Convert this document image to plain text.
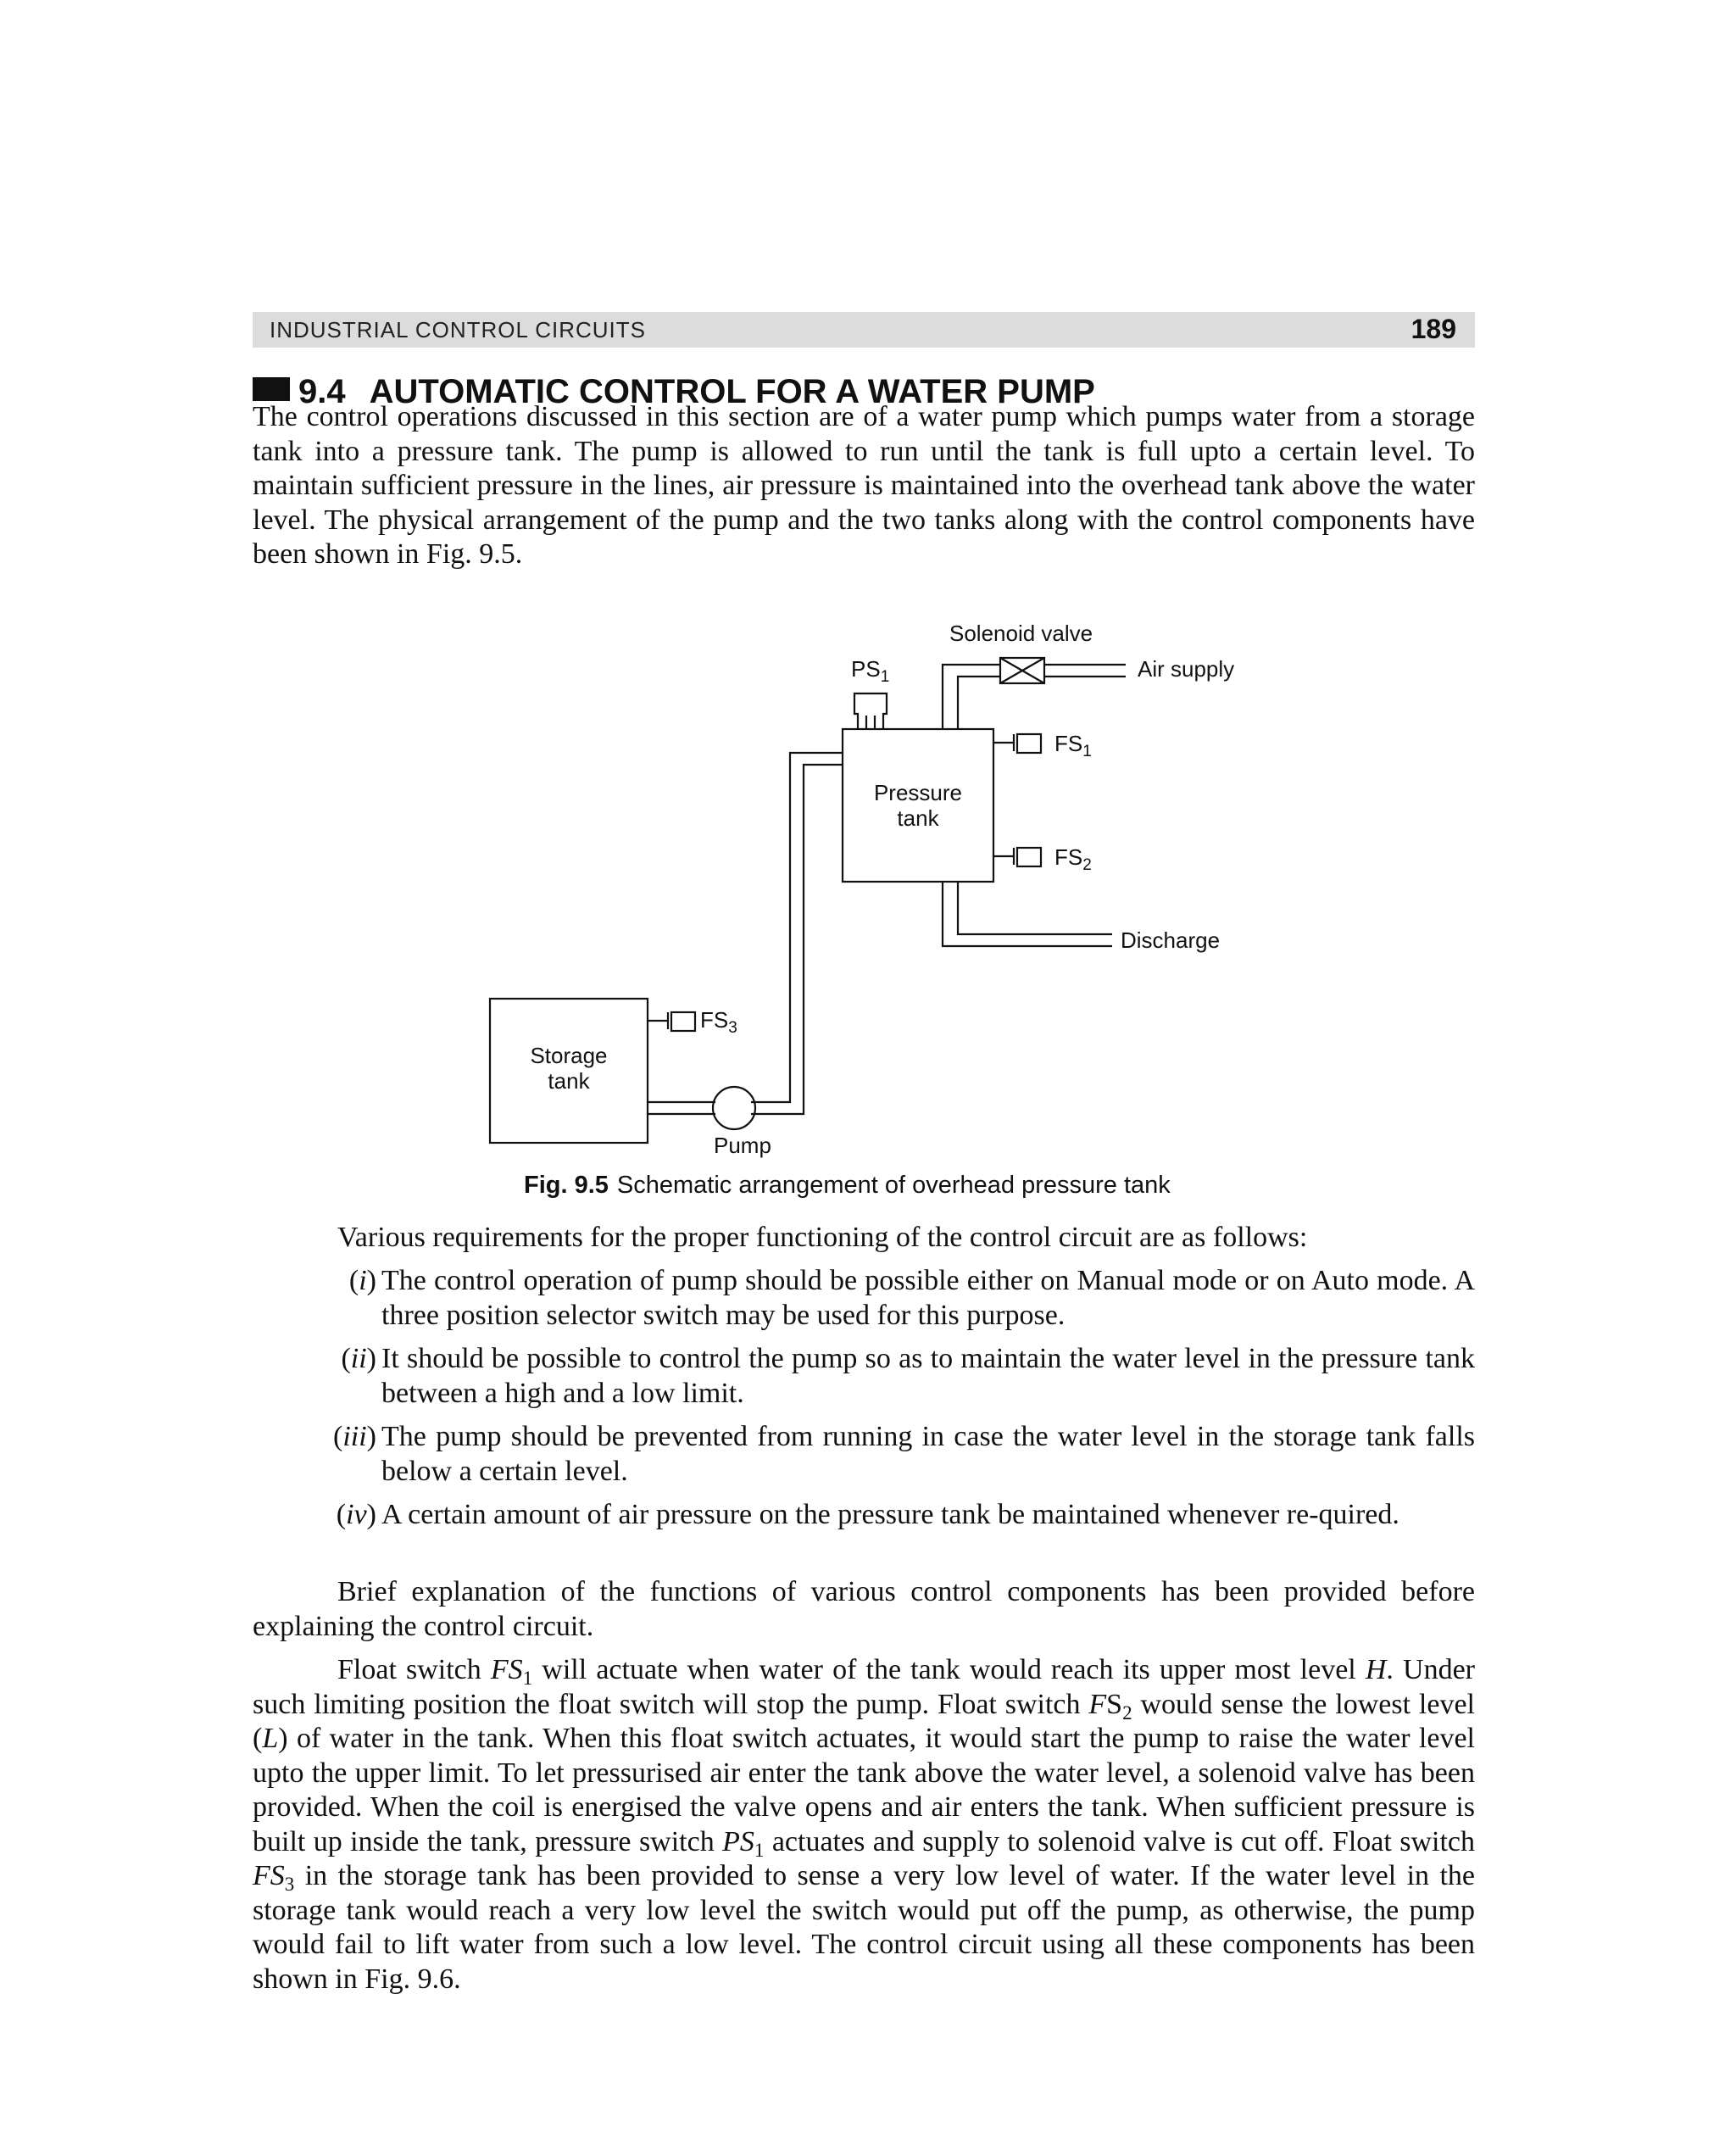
INDUSTRIAL CONTROL CIRCUITS	189
9.4 AUTOMATIC CONTROL FOR A WATER PUMP

The control operations discussed in this section are of a water pump which pumps water from a storage tank into a pressure tank. The pump is allowed to run until the tank is full upto a certain level. To maintain sufficient pressure in the lines, air pressure is maintained into the overhead tank above the water level. The physical arrangement of the pump and the two tanks along with the control components have been shown in Fig. 9.5.

Solenoid valve
Air supply
$PS_1$
$FS_1$
Pressure
tank
$FS_2$
Discharge
$FS_3$
Storage
tank
Pump
Fig. 9.5 Schematic arrangement of overhead pressure tank

Various requirements for the proper functioning of the control circuit are as follows:

(i) The control operation of pump should be possible either on Manual mode or on Auto mode. A three position selector switch may be used for this purpose.
(ii) It should be possible to control the pump so as to maintain the water level in the pressure tank between a high and a low limit.
(iii) The pump should be prevented from running in case the water level in the storage tank falls below a certain level.
(iv) A certain amount of air pressure on the pressure tank be maintained whenever re-quired.

Brief explanation of the functions of various control components has been provided before explaining the control circuit.

Float switch $FS_1$ will actuate when water of the tank would reach its upper most level H. Under such limiting position the float switch will stop the pump. Float switch $FS_2$ would sense the lowest level (L) of water in the tank. When this float switch actuates, it would start the pump to raise the water level upto the upper limit. To let pressurised air enter the tank above the water level, a solenoid valve has been provided. When the coil is energised the valve opens and air enters the tank. When sufficient pressure is built up inside the tank, pressure switch $PS_1$ actuates and supply to solenoid valve is cut off. Float switch $FS_3$ in the storage tank has been provided to sense a very low level of water. If the water level in the storage tank would reach a very low level the switch would put off the pump, as otherwise, the pump would fail to lift water from such a low level. The control circuit using all these components has been shown in Fig. 9.6.
